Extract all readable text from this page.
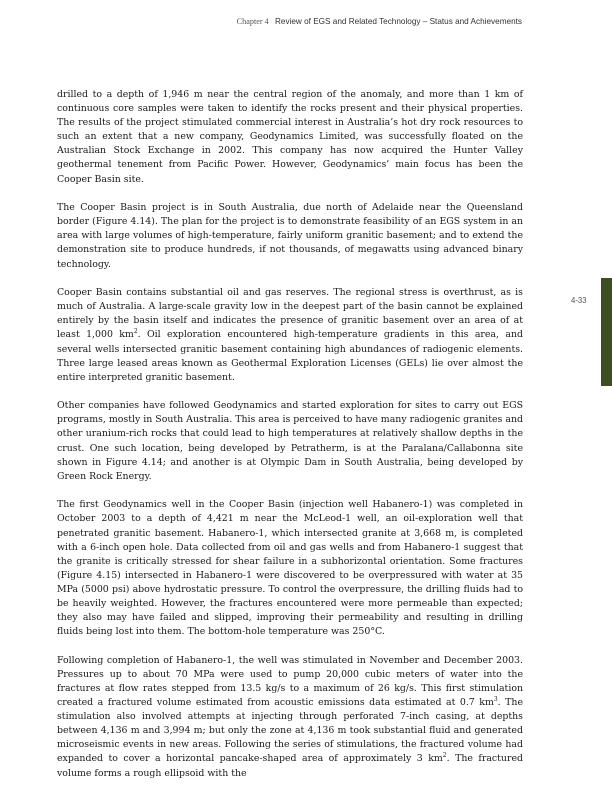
Chapter 4 Review of EGS and Related Technology – Status and Achievements
4-33

drilled to a depth of 1,946 m near the central region of the anomaly, and more than 1 km of continuous core samples were taken to identify the rocks present and their physical properties. The results of the project stimulated commercial interest in Australia’s hot dry rock resources to such an extent that a new company, Geodynamics Limited, was successfully floated on the Australian Stock Exchange in 2002. This company has now acquired the Hunter Valley geothermal tenement from Pacific Power. However, Geodynamics’ main focus has been the Cooper Basin site.

The Cooper Basin project is in South Australia, due north of Adelaide near the Queensland border (Figure 4.14). The plan for the project is to demonstrate feasibility of an EGS system in an area with large volumes of high-temperature, fairly uniform granitic basement; and to extend the demonstration site to produce hundreds, if not thousands, of megawatts using advanced binary technology.

Cooper Basin contains substantial oil and gas reserves. The regional stress is overthrust, as is much of Australia. A large-scale gravity low in the deepest part of the basin cannot be explained entirely by the basin itself and indicates the presence of granitic basement over an area of at least 1,000 $km^2$. Oil exploration encountered high-temperature gradients in this area, and several wells intersected granitic basement containing high abundances of radiogenic elements. Three large leased areas known as Geothermal Exploration Licenses (GELs) lie over almost the entire interpreted granitic basement.

Other companies have followed Geodynamics and started exploration for sites to carry out EGS programs, mostly in South Australia. This area is perceived to have many radiogenic granites and other uranium-rich rocks that could lead to high temperatures at relatively shallow depths in the crust. One such location, being developed by Petratherm, is at the Paralana/Callabonna site shown in Figure 4.14; and another is at Olympic Dam in South Australia, being developed by Green Rock Energy.

The first Geodynamics well in the Cooper Basin (injection well Habanero-1) was completed in October 2003 to a depth of 4,421 m near the McLeod-1 well, an oil-exploration well that penetrated granitic basement. Habanero-1, which intersected granite at 3,668 m, is completed with a 6-inch open hole. Data collected from oil and gas wells and from Habanero-1 suggest that the granite is critically stressed for shear failure in a subhorizontal orientation. Some fractures (Figure 4.15) intersected in Habanero-1 were discovered to be overpressured with water at 35 MPa (5000 psi) above hydrostatic pressure. To control the overpressure, the drilling fluids had to be heavily weighted. However, the fractures encountered were more permeable than expected; they also may have failed and slipped, improving their permeability and resulting in drilling fluids being lost into them. The bottom-hole temperature was 250°C.

Following completion of Habanero-1, the well was stimulated in November and December 2003. Pressures up to about 70 MPa were used to pump 20,000 cubic meters of water into the fractures at flow rates stepped from 13.5 kg/s to a maximum of 26 kg/s. This first stimulation created a fractured volume estimated from acoustic emissions data estimated at 0.7 $km^3$. The stimulation also involved attempts at injecting through perforated 7-inch casing, at depths between 4,136 m and 3,994 m; but only the zone at 4,136 m took substantial fluid and generated microseismic events in new areas. Following the series of stimulations, the fractured volume had expanded to cover a horizontal pancake-shaped area of approximately 3 $km^2$. The fractured volume forms a rough ellipsoid with the
